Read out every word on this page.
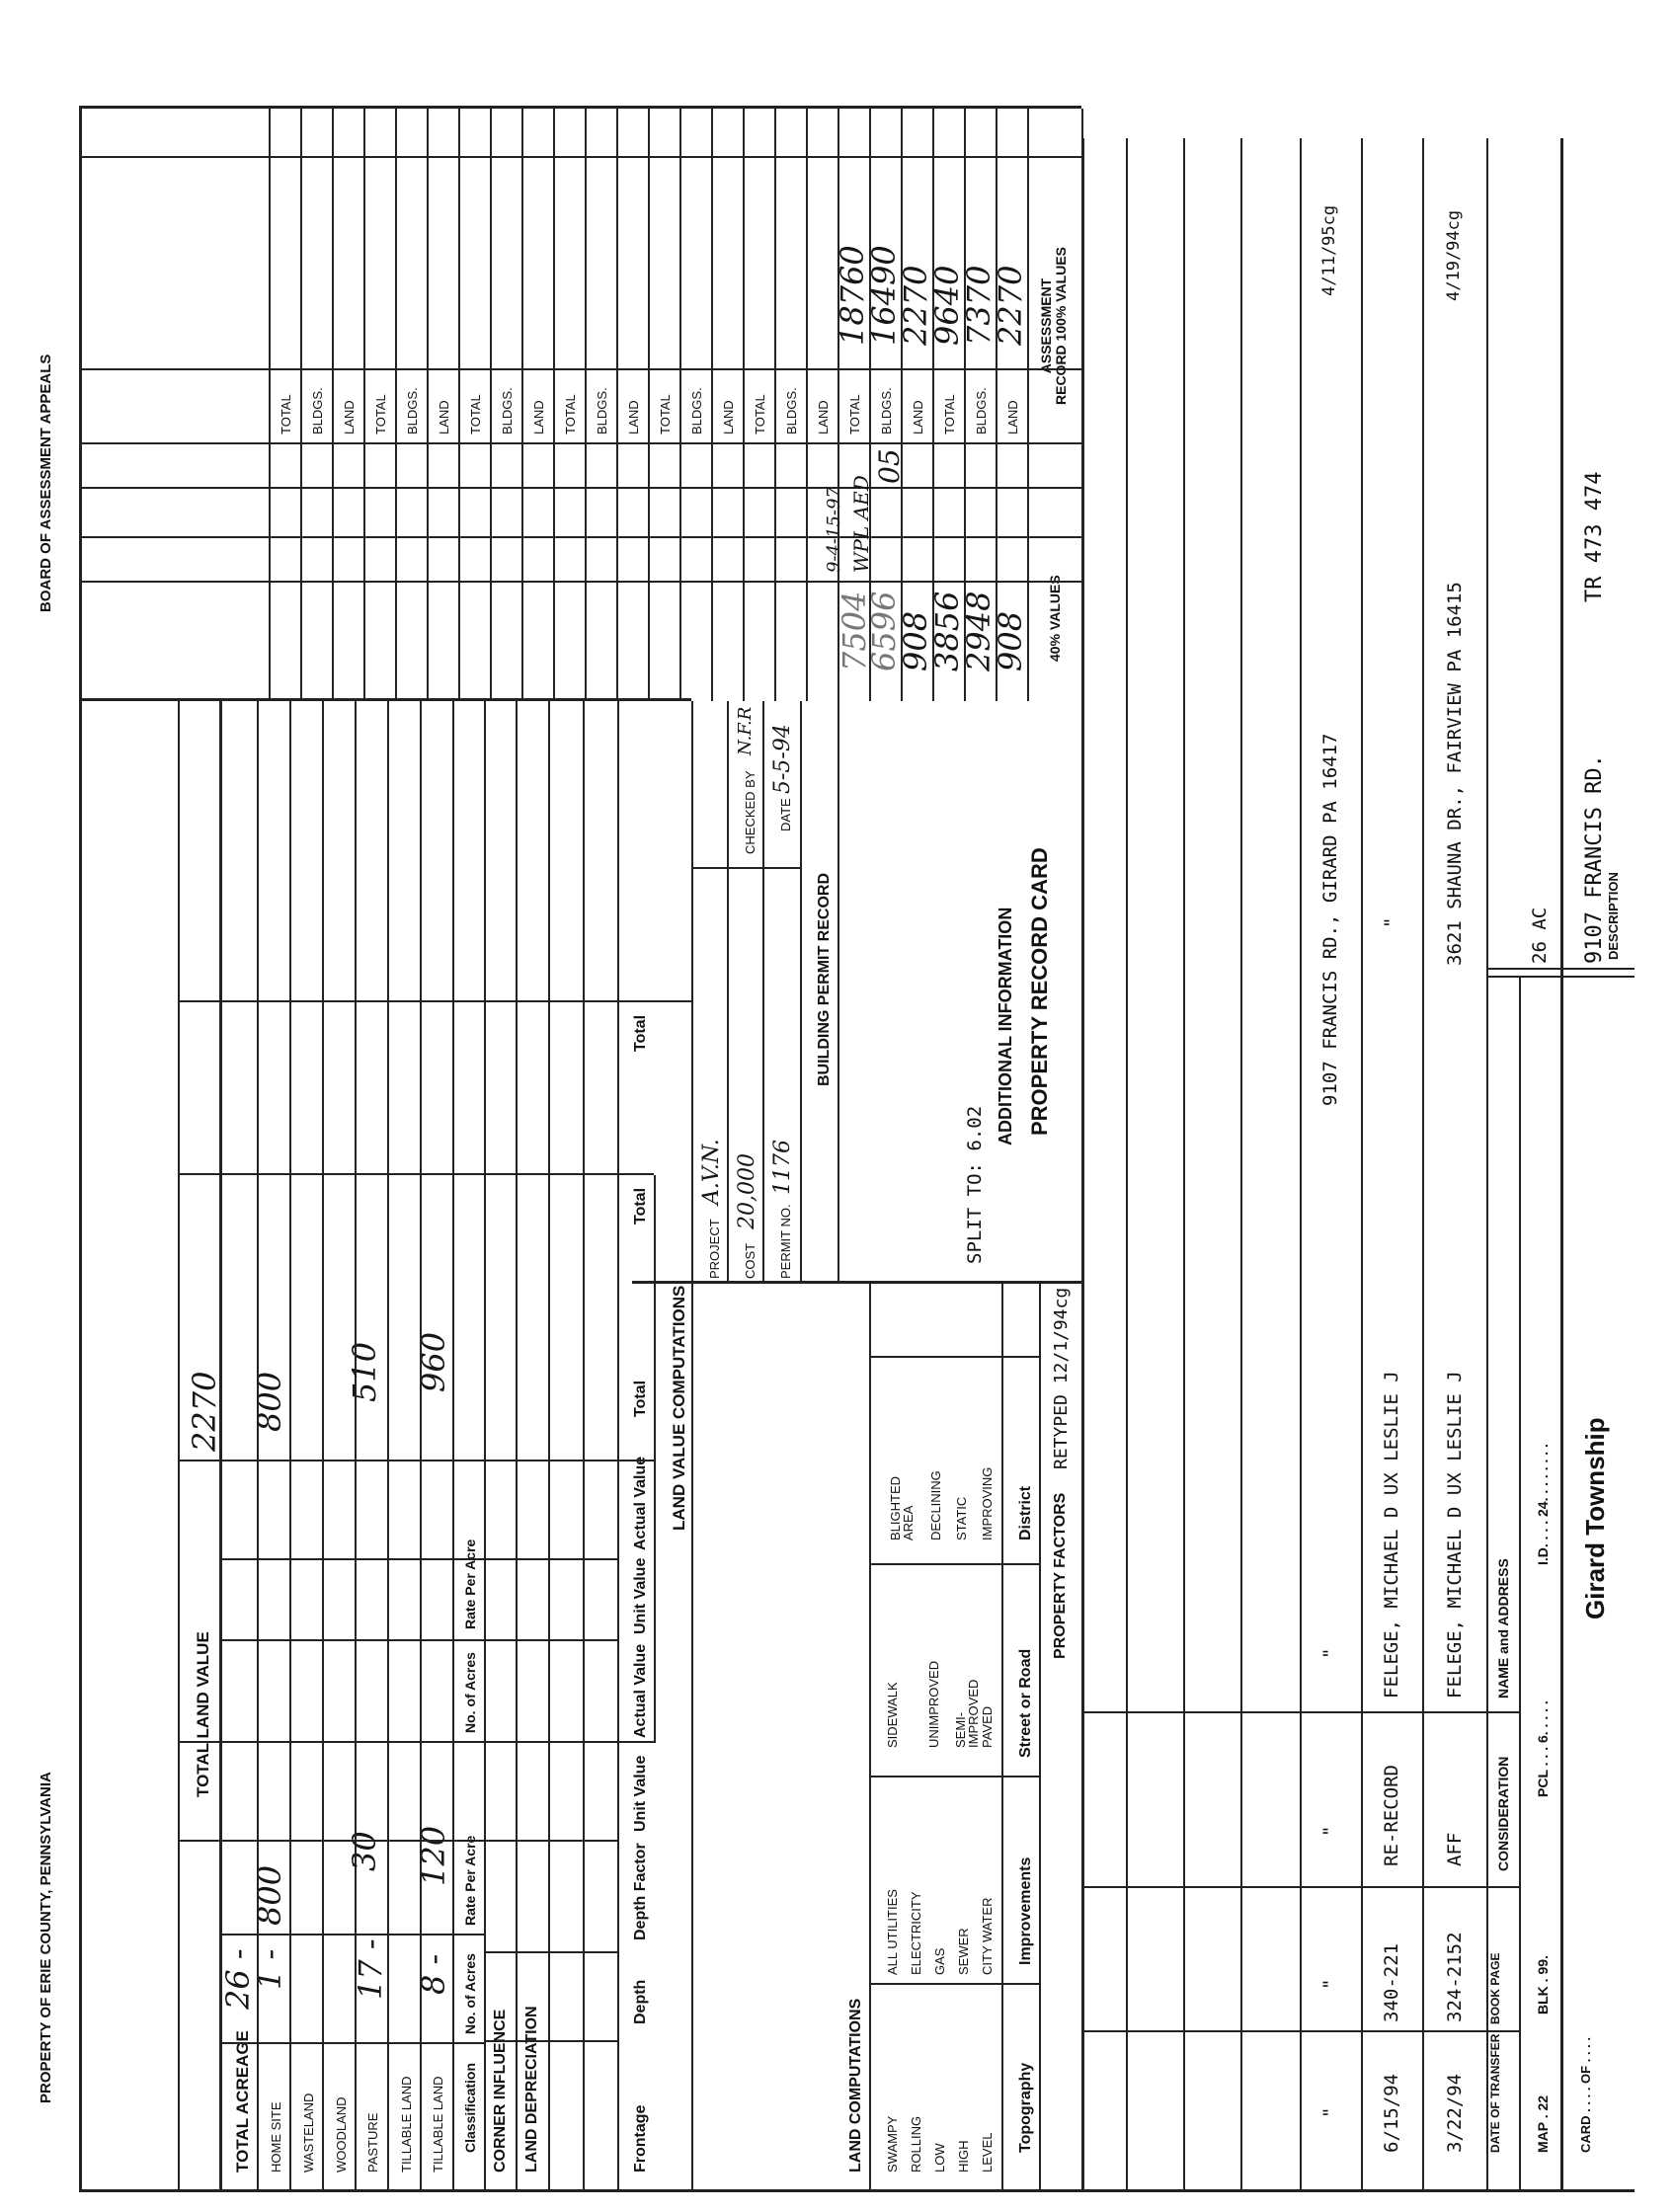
CARD . . . . OF . . . .
Girard Township
DESCRIPTION
9107 FRANCIS RD.
TR 473 474
MAP . 22
BLK . 99.
PCL . . . 6. . . . .
I.D. . . . 24. . . . . . . .
26 AC
DATE OF TRANSFER
BOOK PAGE
CONSIDERATION
NAME and ADDRESS
3/22/94
324-2152
AFF
FELEGE, MICHAEL D UX LESLIE J
3621 SHAUNA DR., FAIRVIEW PA 16415
4/19/94cg
6/15/94
340-221
RE-RECORD
FELEGE, MICHAEL D UX LESLIE J
"
"
"
"
"
9107 FRANCIS RD., GIRARD PA 16417
4/11/95cg
PROPERTY FACTORS
RETYPED 12/1/94cg
Topography
Improvements
Street or Road
District
LEVEL
HIGH
LOW
ROLLING
SWAMPY
CITY WATER
SEWER
GAS
ELECTRICITY
ALL UTILITIES
PAVED
SEMI-IMPROVED
UNIMPROVED
SIDEWALK
IMPROVING
STATIC
DECLINING
BLIGHTED AREA
LAND COMPUTATIONS
PROPERTY RECORD CARD
ADDITIONAL INFORMATION
SPLIT TO: 6.02
BUILDING PERMIT RECORD
PERMIT NO.
1176
DATE
5-5-94
COST
20,000
CHECKED BY
N.F.R
PROJECT
A.V.N.
LAND VALUE COMPUTATIONS
Frontage
Depth
Depth Factor
Unit Value
Actual Value
Unit Value
Actual Value
Total
Total
Total
LAND DEPRECIATION
CORNER INFLUENCE
Classification
No. of Acres
Rate Per Acre
No. of Acres
Rate Per Acre
TILLABLE LAND
8 -
120
960
TILLABLE LAND
PASTURE
17 -
30
510
WOODLAND
WASTELAND
HOME SITE
1 -
800
800
TOTAL ACREAGE
26 -
TOTAL LAND VALUE
2270
40% VALUES
ASSESSMENT RECORD 100% VALUES
908
2948
3856
908
6596
7504
WPL AED
9-4-15-97
05
LAND
BLDGS.
TOTAL
LAND
BLDGS.
TOTAL
LAND
BLDGS.
TOTAL
LAND
BLDGS.
TOTAL
LAND
BLDGS.
TOTAL
LAND
BLDGS.
TOTAL
LAND
BLDGS.
TOTAL
LAND
BLDGS.
TOTAL
2270
7370
9640
2270
16490
18760
PROPERTY OF ERIE COUNTY, PENNSYLVANIA
BOARD OF ASSESSMENT APPEALS
